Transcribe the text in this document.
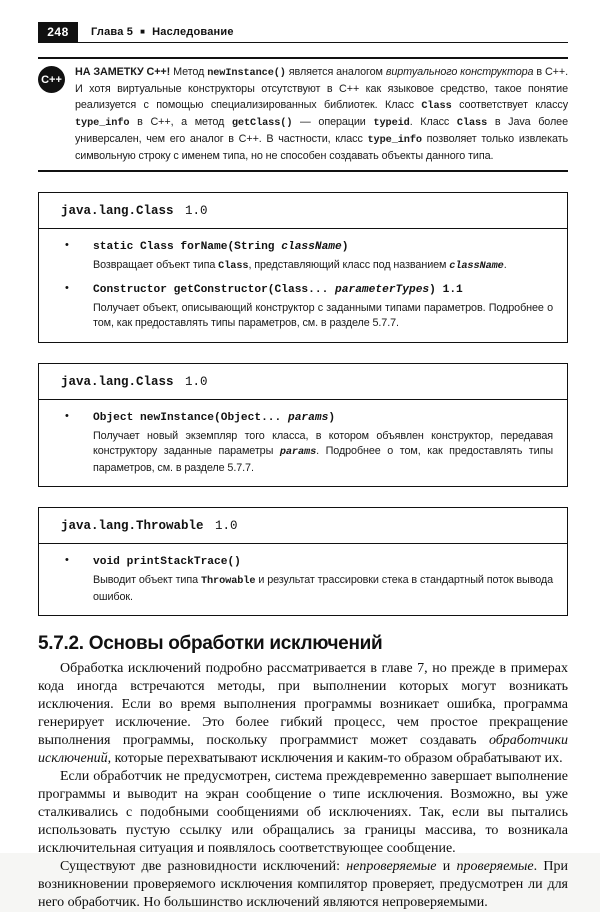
248	Глава 5 ■ Наследование
C++
НА ЗАМЕТКУ C++! Метод newInstance() является аналогом виртуального конструктора в C++. И хотя виртуальные конструкторы отсутствуют в C++ как языковое средство, такое понятие реализуется с помощью специализированных библиотек. Класс Class соответствует классу type_info в C++, а метод getClass() — операции typeid. Класс Class в Java более универсален, чем его аналог в C++. В частности, класс type_info позволяет только извлекать символьную строку с именем типа, но не способен создавать объекты данного типа.
java.lang.Class 1.0
• static Class forName(String className)
Возвращает объект типа Class, представляющий класс под названием className.
• Constructor getConstructor(Class... parameterTypes) 1.1
Получает объект, описывающий конструктор с заданными типами параметров. Подробнее о том, как предоставлять типы параметров, см. в разделе 5.7.7.
java.lang.Class 1.0
• Object newInstance(Object... params)
Получает новый экземпляр того класса, в котором объявлен конструктор, передавая конструктору заданные параметры params. Подробнее о том, как предоставлять типы параметров, см. в разделе 5.7.7.
java.lang.Throwable 1.0
• void printStackTrace()
Выводит объект типа Throwable и результат трассировки стека в стандартный поток вывода ошибок.
5.7.2. Основы обработки исключений

Обработка исключений подробно рассматривается в главе 7, но прежде в примерах кода иногда встречаются методы, при выполнении которых могут возникать исключения. Если во время выполнения программы возникает ошибка, программа генерирует исключение. Это более гибкий процесс, чем простое прекращение выполнения программы, поскольку программист может создавать обработчики исключений, которые перехватывают исключения и каким-то образом обрабатывают их.

Если обработчик не предусмотрен, система преждевременно завершает выполнение программы и выводит на экран сообщение о типе исключения. Возможно, вы уже сталкивались с подобными сообщениями об исключениях. Так, если вы пытались использовать пустую ссылку или обращались за границы массива, то возникала исключительная ситуация и появлялось соответствующее сообщение.

Существуют две разновидности исключений: непроверяемые и проверяемые. При возникновении проверяемого исключения компилятор проверяет, предусмотрен ли для него обработчик. Но большинство исключений являются непроверяемыми.
